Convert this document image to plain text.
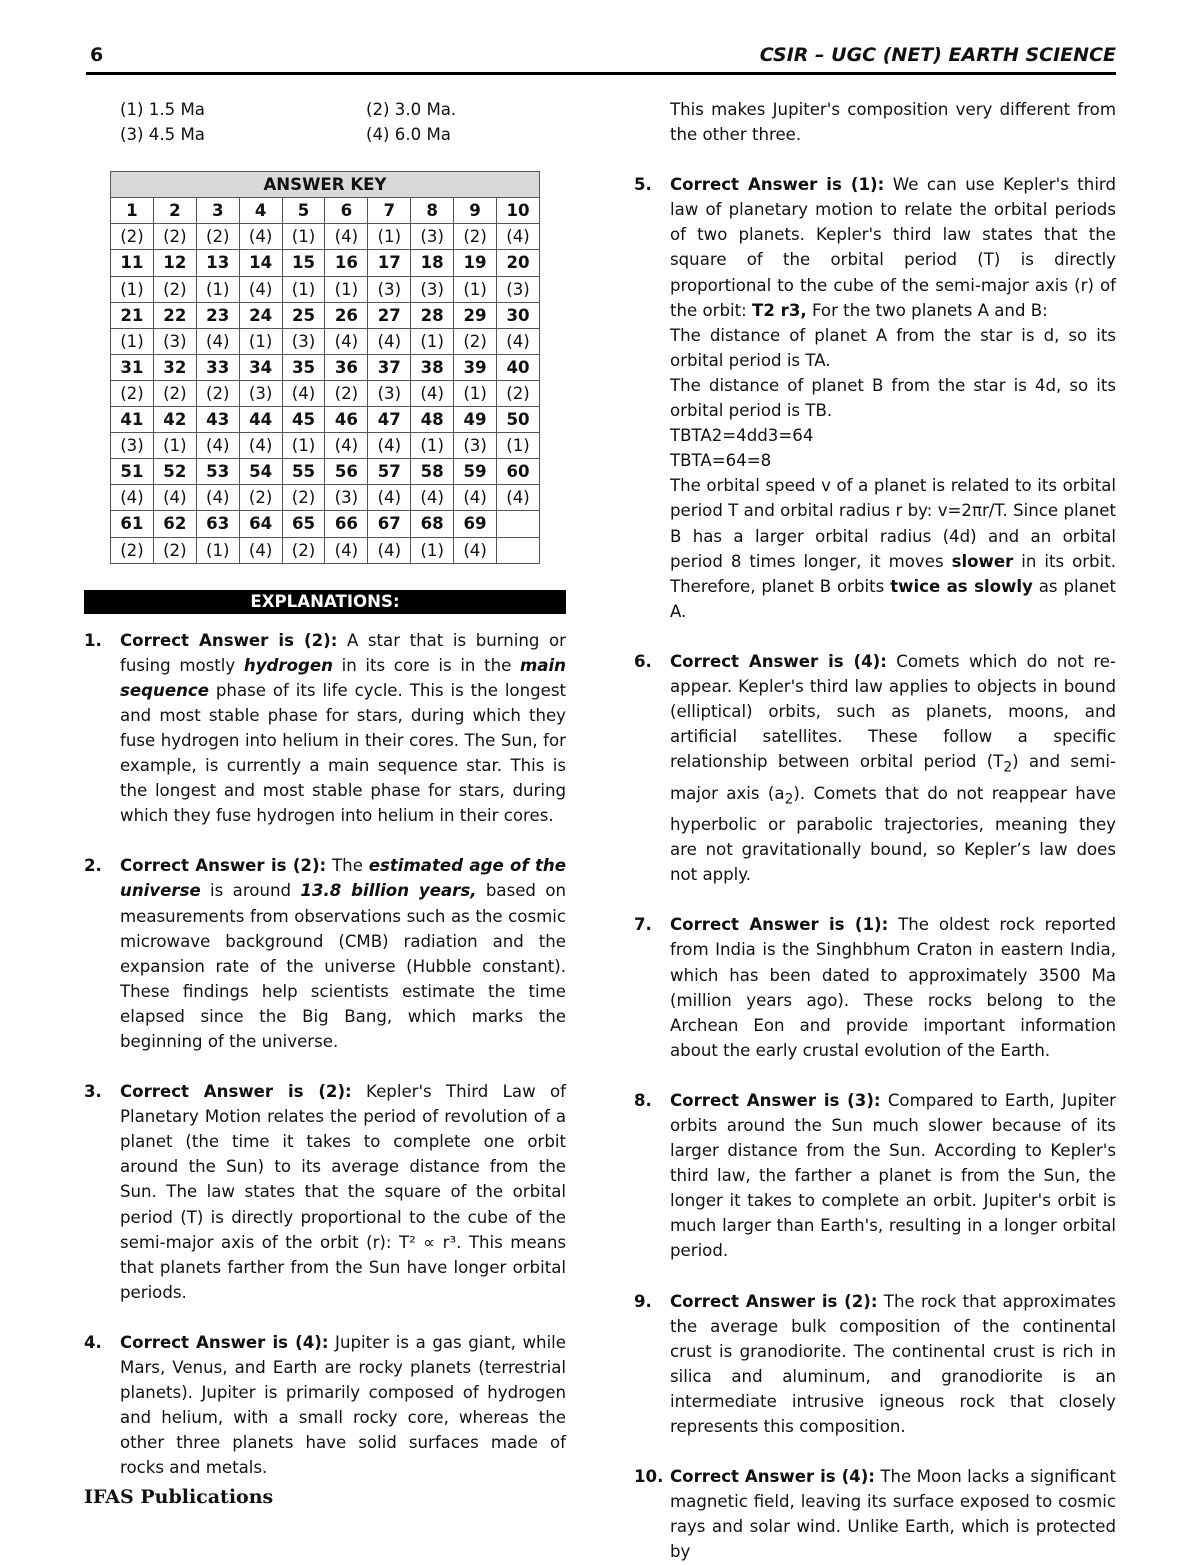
6	CSIR – UGC (NET) EARTH SCIENCE
(1) 1.5 Ma	(2) 3.0 Ma.
(3) 4.5 Ma	(4) 6.0 Ma
ANSWER KEY									
1	2	3	4	5	6	7	8	9	10
(2)	(2)	(2)	(4)	(1)	(4)	(1)	(3)	(2)	(4)
11	12	13	14	15	16	17	18	19	20
(1)	(2)	(1)	(4)	(1)	(1)	(3)	(3)	(1)	(3)
21	22	23	24	25	26	27	28	29	30
(1)	(3)	(4)	(1)	(3)	(4)	(4)	(1)	(2)	(4)
31	32	33	34	35	36	37	38	39	40
(2)	(2)	(2)	(3)	(4)	(2)	(3)	(4)	(1)	(2)
41	42	43	44	45	46	47	48	49	50
(3)	(1)	(4)	(4)	(1)	(4)	(4)	(1)	(3)	(1)
51	52	53	54	55	56	57	58	59	60
(4)	(4)	(4)	(2)	(2)	(3)	(4)	(4)	(4)	(4)
61	62	63	64	65	66	67	68	69	
(2)	(2)	(1)	(4)	(2)	(4)	(4)	(1)	(4)	
EXPLANATIONS:
1. Correct Answer is (2): A star that is burning or fusing mostly hydrogen in its core is in the main sequence phase of its life cycle. This is the longest and most stable phase for stars, during which they fuse hydrogen into helium in their cores. The Sun, for example, is currently a main sequence star. This is the longest and most stable phase for stars, during which they fuse hydrogen into helium in their cores.
2. Correct Answer is (2): The estimated age of the universe is around 13.8 billion years, based on measurements from observations such as the cosmic microwave background (CMB) radiation and the expansion rate of the universe (Hubble constant). These findings help scientists estimate the time elapsed since the Big Bang, which marks the beginning of the universe.
3. Correct Answer is (2): Kepler's Third Law of Planetary Motion relates the period of revolution of a planet (the time it takes to complete one orbit around the Sun) to its average distance from the Sun. The law states that the square of the orbital period (T) is directly proportional to the cube of the semi-major axis of the orbit (r): T² ∝ r³. This means that planets farther from the Sun have longer orbital periods.
4. Correct Answer is (4): Jupiter is a gas giant, while Mars, Venus, and Earth are rocky planets (terrestrial planets). Jupiter is primarily composed of hydrogen and helium, with a small rocky core, whereas the other three planets have solid surfaces made of rocks and metals.
This makes Jupiter's composition very different from the other three.
5. Correct Answer is (1): We can use Kepler's third law of planetary motion to relate the orbital periods of two planets. Kepler's third law states that the square of the orbital period (T) is directly proportional to the cube of the semi-major axis (r) of the orbit: T2 r3, For the two planets A and B:
The distance of planet A from the star is d, so its orbital period is TA.
The distance of planet B from the star is 4d, so its orbital period is TB.
TBTA2=4dd3=64
TBTA=64=8
The orbital speed v of a planet is related to its orbital period T and orbital radius r by: v=2πr/T. Since planet B has a larger orbital radius (4d) and an orbital period 8 times longer, it moves slower in its orbit. Therefore, planet B orbits twice as slowly as planet A.
6. Correct Answer is (4): Comets which do not re-appear. Kepler's third law applies to objects in bound (elliptical) orbits, such as planets, moons, and artificial satellites. These follow a specific relationship between orbital period $(T_2)$ and semi-major axis $(a_2)$. Comets that do not reappear have hyperbolic or parabolic trajectories, meaning they are not gravitationally bound, so Kepler’s law does not apply.
7. Correct Answer is (1): The oldest rock reported from India is the Singhbhum Craton in eastern India, which has been dated to approximately 3500 Ma (million years ago). These rocks belong to the Archean Eon and provide important information about the early crustal evolution of the Earth.
8. Correct Answer is (3): Compared to Earth, Jupiter orbits around the Sun much slower because of its larger distance from the Sun. According to Kepler's third law, the farther a planet is from the Sun, the longer it takes to complete an orbit. Jupiter's orbit is much larger than Earth's, resulting in a longer orbital period.
9. Correct Answer is (2): The rock that approximates the average bulk composition of the continental crust is granodiorite. The continental crust is rich in silica and aluminum, and granodiorite is an intermediate intrusive igneous rock that closely represents this composition.
10. Correct Answer is (4): The Moon lacks a significant magnetic field, leaving its surface exposed to cosmic rays and solar wind. Unlike Earth, which is protected by
IFAS Publications
